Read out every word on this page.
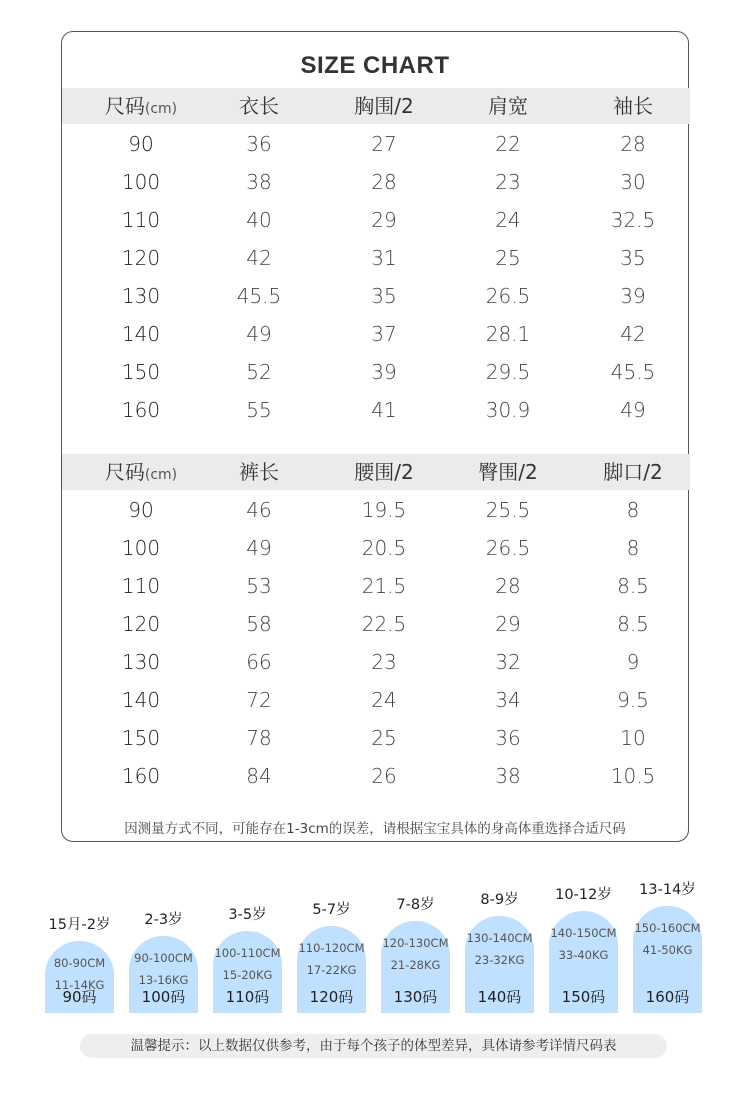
SIZE CHART
尺码(cm)	衣长	胸围/2	肩宽	袖长
90	36	27	22	28
100	38	28	23	30
110	40	29	24	32.5
120	42	31	25	35
130	45.5	35	26.5	39
140	49	37	28.1	42
150	52	39	29.5	45.5
160	55	41	30.9	49
尺码(cm)	裤长	腰围/2	臀围/2	脚口/2
90	46	19.5	25.5	8
100	49	20.5	26.5	8
110	53	21.5	28	8.5
120	58	22.5	29	8.5
130	66	23	32	9
140	72	24	34	9.5
150	78	25	36	10
160	84	26	38	10.5
因测量方式不同，可能存在1-3cm的误差，请根据宝宝具体的身高体重选择合适尺码
15月-2岁
80-90CM
11-14KG
90码
2-3岁
90-100CM
13-16KG
100码
3-5岁
100-110CM
15-20KG
110码
5-7岁
110-120CM
17-22KG
120码
7-8岁
120-130CM
21-28KG
130码
8-9岁
130-140CM
23-32KG
140码
10-12岁
140-150CM
33-40KG
150码
13-14岁
150-160CM
41-50KG
160码
温馨提示：以上数据仅供参考，由于每个孩子的体型差异，具体请参考详情尺码表
